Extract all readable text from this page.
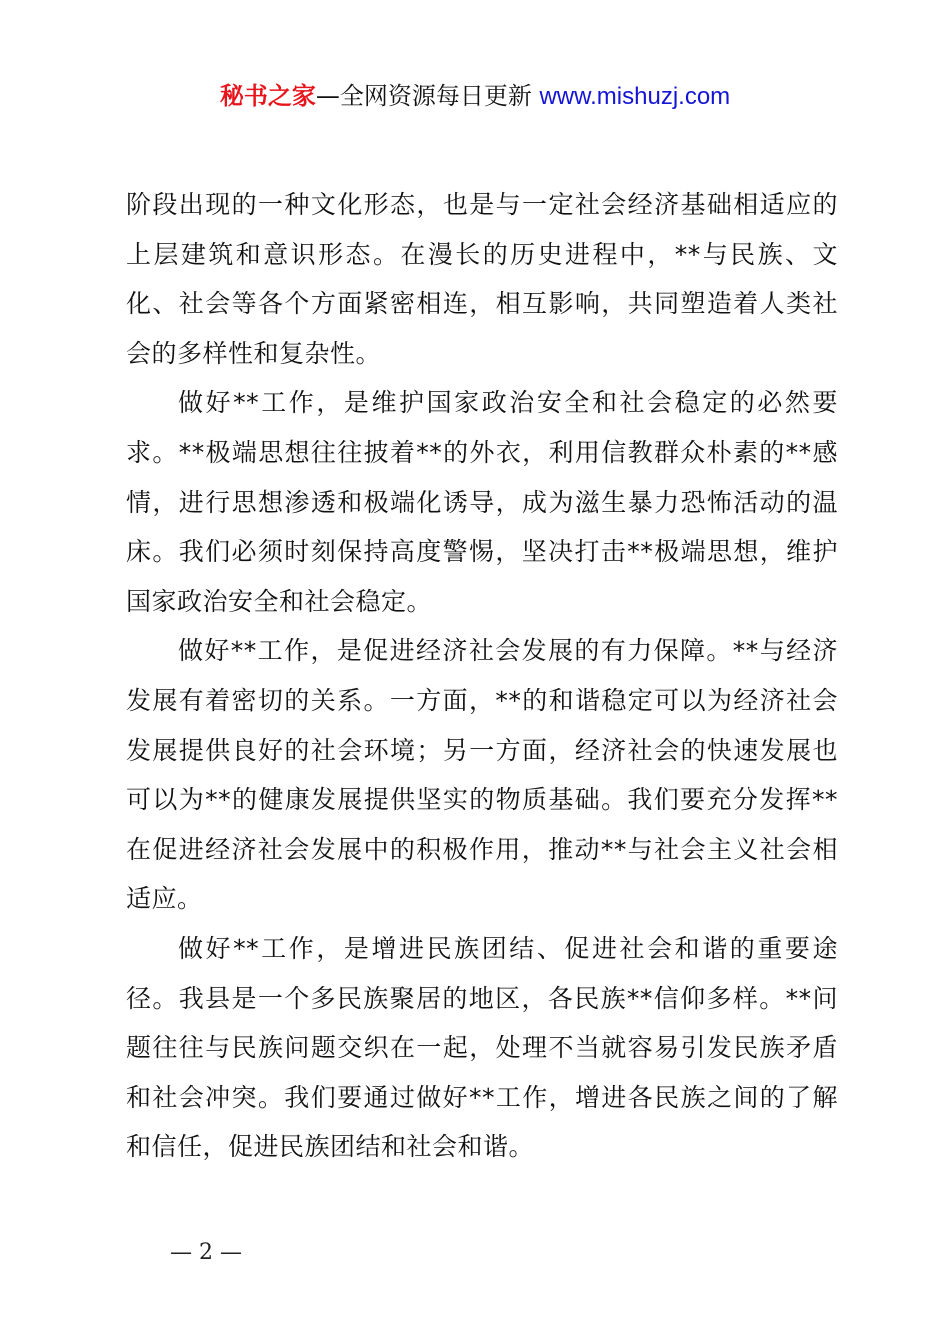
秘书之家—全网资源每日更新 www.mishuzj.com

阶段出现的一种文化形态，也是与一定社会经济基础相适应的上层建筑和意识形态。在漫长的历史进程中，**与民族、文化、社会等各个方面紧密相连，相互影响，共同塑造着人类社会的多样性和复杂性。

做好**工作，是维护国家政治安全和社会稳定的必然要求。**极端思想往往披着**的外衣，利用信教群众朴素的**感情，进行思想渗透和极端化诱导，成为滋生暴力恐怖活动的温床。我们必须时刻保持高度警惕，坚决打击**极端思想，维护国家政治安全和社会稳定。

做好**工作，是促进经济社会发展的有力保障。**与经济发展有着密切的关系。一方面，**的和谐稳定可以为经济社会发展提供良好的社会环境；另一方面，经济社会的快速发展也可以为**的健康发展提供坚实的物质基础。我们要充分发挥**在促进经济社会发展中的积极作用，推动**与社会主义社会相适应。

做好**工作，是增进民族团结、促进社会和谐的重要途径。我县是一个多民族聚居的地区，各民族**信仰多样。**问题往往与民族问题交织在一起，处理不当就容易引发民族矛盾和社会冲突。我们要通过做好**工作，增进各民族之间的了解和信任，促进民族团结和社会和谐。

— 2 —
